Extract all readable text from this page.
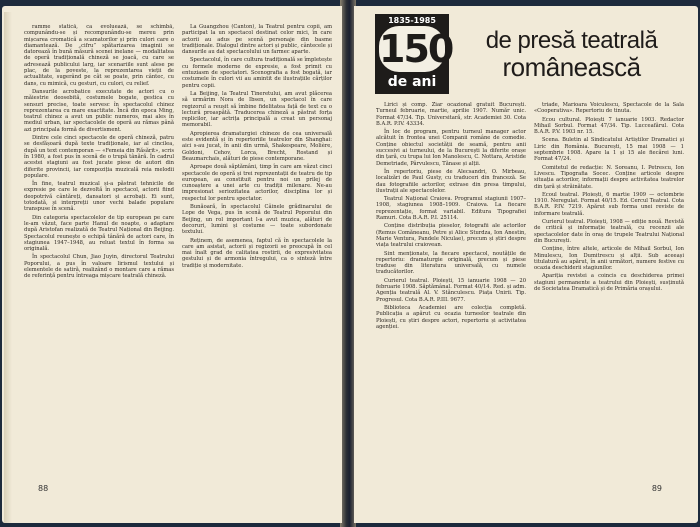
ramme statică, ca evoluează, se schimbă, compunându-se și recompunându-se mereu prin mișcarea cromatică a scamatorilor și prin culori care o diamantează. De „cifru” spătarizarea imaginii se datorează în bună măsură scenei inelane — modalitatea de operă tradițională chineză se joacă, cu care se adresează publicului larg, iar scenariile sunt alese pe plac, de la poveste, la reprezentarea vieții de actualitate, sugerând pe cât se poate, prin cântec, cu dans, cu mimică, cu gesturi, cu culori, cu relief.

Dansurile acrobatice executate de actori cu o măiestrie deosebită, costumele bogate, gestica cu sensuri precise, toate servesc în spectacolul chinez reprezentarea cu mare exactitate. Încă din epoca Ming, teatrul chinez a avut un public numeros, mai ales în mediul urban, iar spectacolele de operă au rămas până azi principala formă de divertisment.

Dintre cele cinci spectacole de operă chineză, patru se desfășoară după texte tradiționale, iar al cincilea, după un text contemporan — «Femeia din Răsărit», scris în 1980, a fost pus în scenă de o trupă tânără. În cadrul acestei stagiuni au fost jucate piese de autori din diferite provincii, iar compoziția muzicală reia melodii populare.

În fine, teatrul muzical și-a păstrat tehnicile de expresie pe care le dezvoltă în spectacol, actorii fiind deopotrivă cântăreți, dansatori și acrobați. Ei sunt, totodată, și interpreții unor vechi balade populare transpuse în scenă.

Din categoria spectacolelor de tip european pe care le-am văzut, face parte Hanul de noapte, o adaptare după Aristofan realizată de Teatrul Național din Beijing. Spectacolul reunește o echipă tânără de actori care, în stagiunea 1947–1948, au reluat textul în forma sa originală.

În spectacolul Chun, Jiao Juyin, directorul Teatrului Poporului, a pus în valoare lirismul textului și elementele de satiră, realizând o montare care a rămas de referință pentru întreaga mișcare teatrală chineză.

La Guangzhou (Canton), la Teatrul pentru copii, am participat la un spectacol destinat celor mici, în care actorii au adus pe scenă personaje din basme tradiționale. Dialogul dintre actori și public, cântecele și dansurile au dat spectacolului un farmec aparte.

Spectacolul, în care cultura tradițională se împletește cu formele moderne de expresie, a fost primit cu entuziasm de spectatori. Scenografia a fost bogată, iar costumele în culori vii au amintit de ilustrațiile cărților pentru copii.

La Beijing, la Teatrul Tineretului, am avut plăcerea să urmărim Nora de Ibsen, un spectacol în care regizorul a reușit să îmbine fidelitatea față de text cu o lectură proaspătă. Traducerea chineză a păstrat forța replicilor, iar actrița principală a creat un personaj memorabil.

Apropierea dramaturgiei chineze de cea universală este evidentă și în repertoriile teatrelor din Shanghai: aici s-au jucat, în anii din urmă, Shakespeare, Molière, Goldoni, Cehov, Lorca, Brecht, Rostand și Beaumarchais, alături de piese contemporane.

Aproape două săptămâni, timp în care am văzut cinci spectacole de operă și trei reprezentații de teatru de tip european, au constituit pentru noi un prilej de cunoaștere a unei arte cu tradiții milenare. Ne-au impresionat seriozitatea actorilor, disciplina lor și respectul lor pentru spectator.

Bunăoară, în spectacolul Câinele grădinarului de Lope de Vega, pus în scenă de Teatrul Poporului din Beijing, un rol important l-a avut muzica, alături de decoruri, lumini și costume — toate subordonate textului.

Reținem, de asemenea, faptul că în spectacolele la care am asistat, actorii și regizorii se preocupă în cel mai înalt grad de calitatea rostirii, de expresivitatea gestului și de armonia întregului, ca o sinteză între tradiție și modernitate.

88
1835-1985
150
de ani
de presă teatrală
românească

Lirici și comp. Ziar ocazional gratuit București. Turneul februarie, martie, aprilie 1907. Număr unic. Format 47/34. Tip. Universitară, str. Academiei 30. Cota B.A.R. P.IV. 43334.

În loc de program, pentru turneul manager actor alcătuit în frontea unei Companii române de comedie. Conține obiectul societății de seamă, pentru anii succesivi ai turneului, de la București la diferite orașe din țară, cu trupa lui Ion Manolescu, C. Nottara, Aristide Demetriade, Pârvulescu, Tănase și alții.

În repertoriu, piese de Alecsandri, O. Mirbeau, localizări de Paul Gusty, cu traduceri din franceză. Se dau fotografiile actorilor, extrase din presa timpului, ilustrații ale spectacolelor.

Teatrul Național Craiova. Programul stagiunii 1907–1908, stagiunea 1908–1909. Craiova. La fiecare reprezentație, format variabil. Editura Tipografiei Ramuri. Cota B.A.R. P.I. 25114.

Conține distribuția pieselor, fotografii ale actorilor (Remus Comăneanu, Petre și Alice Sturdza, Ion Anestin, Marie Ventura, Pandele Niculae), precum și știri despre viața teatrului craiovean.

Sint menționate, la fiecare spectacol, noutățile de repertoriu: dramaturgie originală, precum și piese traduse din literatura universală, cu numele traducătorilor.

Curierul teatral. Ploiești, 15 ianuarie 1908 — 20 februarie 1908. Săptămânal. Format 40/14. Red. și adm. Agenția teatrală Al. V. Stănculescu. Piața Unirii. Tip. Progresul. Cota B.A.R. P.III. 9677.

Biblioteca Academiei are colecția completă. Publicația a apărut cu ocazia turneelor teatrale din Ploiești, cu știri despre actori, repertoriu și activitatea agenției.

triade, Marioara Voiculescu, Spectacole de la Sala «Cooperativa». Repertoriu de tinuta.

Ecou cultural. Ploiești 7 ianuarie 1903. Redactor Mihail Sorbul. Format 47/34. Tip. Lucceafărul. Cota B.A.R. P.V. 1903 nr. 15.

Scena. Buletin al Sindicatului Artiștilor Dramatici și Liric din România. București, 15 mai 1908 — 1 septembrie 1908. Apare la 1 și 15 ale fiecărei luni. Format 47/24.

Comitetul de redacție: N. Soreanu, I. Petrescu, Ion Livescu. Tipografia Socec. Conține articole despre situația actorilor, informații despre activitatea teatrelor din țară și străinătate.

Ecoul teatral. Ploiești, 6 martie 1909 — octombrie 1910. Neregulat. Format 40/15. Ed. Cercul Teatral. Cota B.A.R. P.IV. 7219. Apărut sub forma unei reviste de informare teatrală.

Curierul teatral. Ploiești, 1908 — ediție nouă. Revistă de critică și informație teatrală, cu recenzii ale spectacolelor date în oraș de trupele Teatrului Național din București.

Conține, între altele, articole de Mihail Sorbul, Ion Minulescu, Ion Dumitrescu și alții. Sub aceeași titulatură au apărut, în anii următori, numere festive cu ocazia deschiderii stagiunilor.

Apariția revistei a coincis cu deschiderea primei stagiuni permanente a teatrului din Ploiești, susținută de Societatea Dramatică și de Primăria orașului.

89
